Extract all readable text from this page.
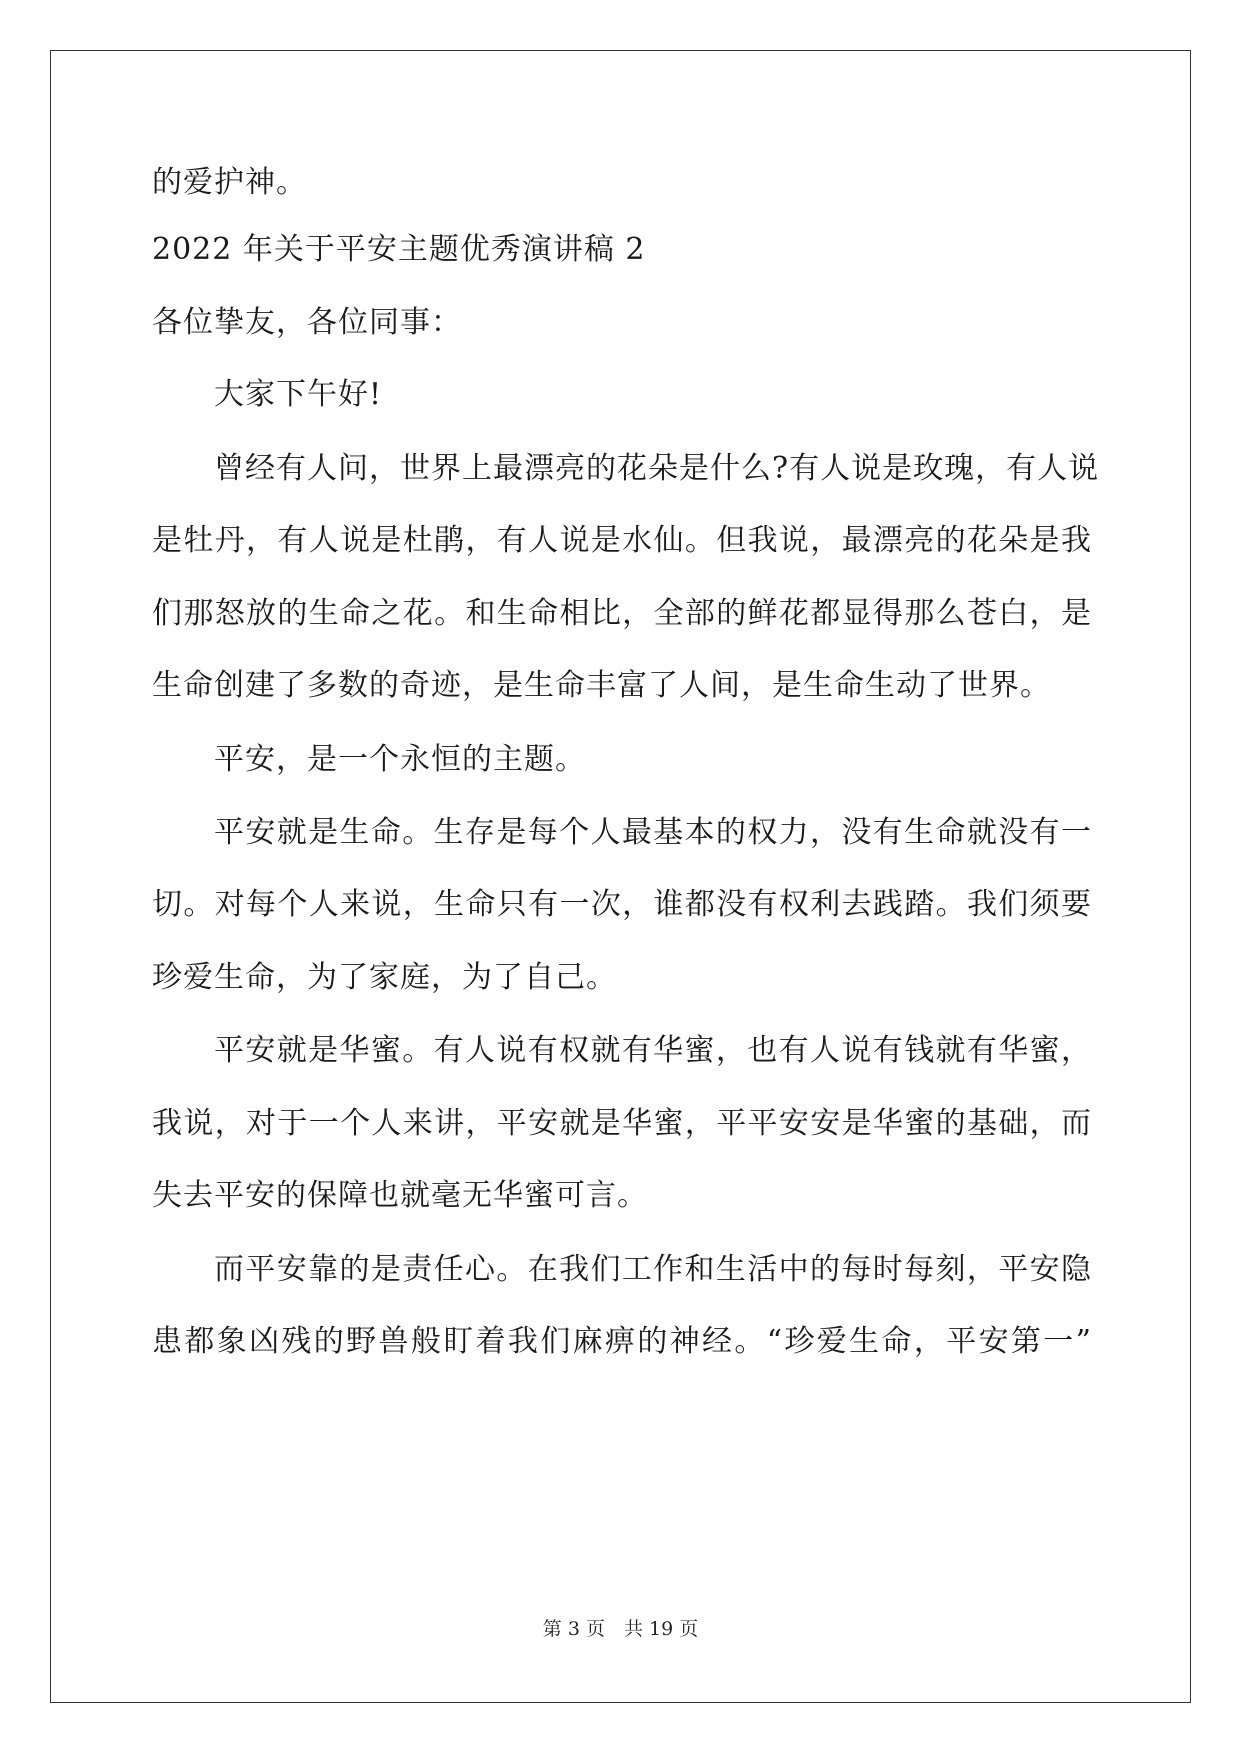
的爱护神。
2022 年关于平安主题优秀演讲稿 2
各位挚友，各位同事：
大家下午好!
曾经有人问，世界上最漂亮的花朵是什么?有人说是玫瑰，有人说
是牡丹，有人说是杜鹃，有人说是水仙。但我说，最漂亮的花朵是我
们那怒放的生命之花。和生命相比，全部的鲜花都显得那么苍白，是
生命创建了多数的奇迹，是生命丰富了人间，是生命生动了世界。
平安，是一个永恒的主题。
平安就是生命。生存是每个人最基本的权力，没有生命就没有一
切。对每个人来说，生命只有一次，谁都没有权利去践踏。我们须要
珍爱生命，为了家庭，为了自己。
平安就是华蜜。有人说有权就有华蜜，也有人说有钱就有华蜜，
我说，对于一个人来讲，平安就是华蜜，平平安安是华蜜的基础，而
失去平安的保障也就毫无华蜜可言。
而平安靠的是责任心。在我们工作和生活中的每时每刻，平安隐
患都象凶残的野兽般盯着我们麻痹的神经。“珍爱生命，平安第一”
第 3 页　共 19 页
